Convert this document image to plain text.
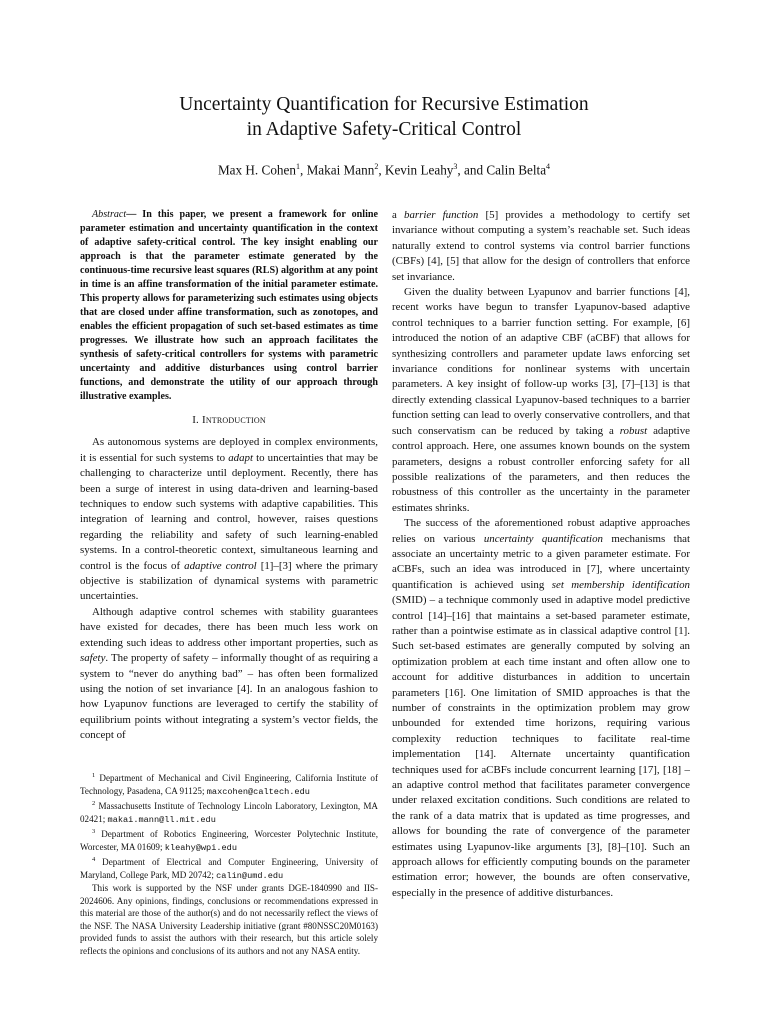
Uncertainty Quantification for Recursive Estimation
in Adaptive Safety-Critical Control
Max H. Cohen$^1$, Makai Mann$^2$, Kevin Leahy$^3$, and Calin Belta$^4$

Abstract— In this paper, we present a framework for online parameter estimation and uncertainty quantification in the context of adaptive safety-critical control. The key insight enabling our approach is that the parameter estimate generated by the continuous-time recursive least squares (RLS) algorithm at any point in time is an affine transformation of the initial parameter estimate. This property allows for parameterizing such estimates using objects that are closed under affine transformation, such as zonotopes, and enables the efficient propagation of such set-based estimates as time progresses. We illustrate how such an approach facilitates the synthesis of safety-critical controllers for systems with parametric uncertainty and additive disturbances using control barrier functions, and demonstrate the utility of our approach through illustrative examples.

I. Introduction

As autonomous systems are deployed in complex environments, it is essential for such systems to adapt to uncertainties that may be challenging to characterize until deployment. Recently, there has been a surge of interest in using data-driven and learning-based techniques to endow such systems with adaptive capabilities. This integration of learning and control, however, raises questions regarding the reliability and safety of such learning-enabled systems. In a control-theoretic context, simultaneous learning and control is the focus of adaptive control [1]–[3] where the primary objective is stabilization of dynamical systems with parametric uncertainties.

Although adaptive control schemes with stability guarantees have existed for decades, there has been much less work on extending such ideas to address other important properties, such as safety. The property of safety – informally thought of as requiring a system to “never do anything bad” – has often been formalized using the notion of set invariance [4]. In an analogous fashion to how Lyapunov functions are leveraged to certify the stability of equilibrium points without integrating a system’s vector fields, the concept of

$^1$ Department of Mechanical and Civil Engineering, California Institute of Technology, Pasadena, CA 91125; maxcohen@caltech.edu

$^2$ Massachusetts Institute of Technology Lincoln Laboratory, Lexington, MA 02421; makai.mann@ll.mit.edu

$^3$ Department of Robotics Engineering, Worcester Polytechnic Institute, Worcester, MA 01609; kleahy@wpi.edu

$^4$ Department of Electrical and Computer Engineering, University of Maryland, College Park, MD 20742; calin@umd.edu

This work is supported by the NSF under grants DGE-1840990 and IIS-2024606. Any opinions, findings, conclusions or recommendations expressed in this material are those of the author(s) and do not necessarily reflect the views of the NSF. The NASA University Leadership initiative (grant #80NSSC20M0163) provided funds to assist the authors with their research, but this article solely reflects the opinions and conclusions of its authors and not any NASA entity.

a barrier function [5] provides a methodology to certify set invariance without computing a system’s reachable set. Such ideas naturally extend to control systems via control barrier functions (CBFs) [4], [5] that allow for the design of controllers that enforce set invariance.

Given the duality between Lyapunov and barrier functions [4], recent works have begun to transfer Lyapunov-based adaptive control techniques to a barrier function setting. For example, [6] introduced the notion of an adaptive CBF (aCBF) that allows for synthesizing controllers and parameter update laws enforcing set invariance conditions for nonlinear systems with uncertain parameters. A key insight of follow-up works [3], [7]–[13] is that directly extending classical Lyapunov-based techniques to a barrier function setting can lead to overly conservative controllers, and that such conservatism can be reduced by taking a robust adaptive control approach. Here, one assumes known bounds on the system parameters, designs a robust controller enforcing safety for all possible realizations of the parameters, and then reduces the robustness of this controller as the uncertainty in the parameter estimates shrinks.

The success of the aforementioned robust adaptive approaches relies on various uncertainty quantification mechanisms that associate an uncertainty metric to a given parameter estimate. For aCBFs, such an idea was introduced in [7], where uncertainty quantification is achieved using set membership identification (SMID) – a technique commonly used in adaptive model predictive control [14]–[16] that maintains a set-based parameter estimate, rather than a pointwise estimate as in classical adaptive control [1]. Such set-based estimates are generally computed by solving an optimization problem at each time instant and often allow one to account for additive disturbances in addition to uncertain parameters [16]. One limitation of SMID approaches is that the number of constraints in the optimization problem may grow unbounded for extended time horizons, requiring various complexity reduction techniques to facilitate real-time implementation [14]. Alternate uncertainty quantification techniques used for aCBFs include concurrent learning [17], [18] – an adaptive control method that facilitates parameter convergence under relaxed excitation conditions. Such conditions are related to the rank of a data matrix that is updated as time progresses, and allows for bounding the rate of convergence of the parameter estimates using Lyapunov-like arguments [3], [8]–[10]. Such an approach allows for efficiently computing bounds on the parameter estimation error; however, the bounds are often conservative, especially in the presence of additive disturbances.
